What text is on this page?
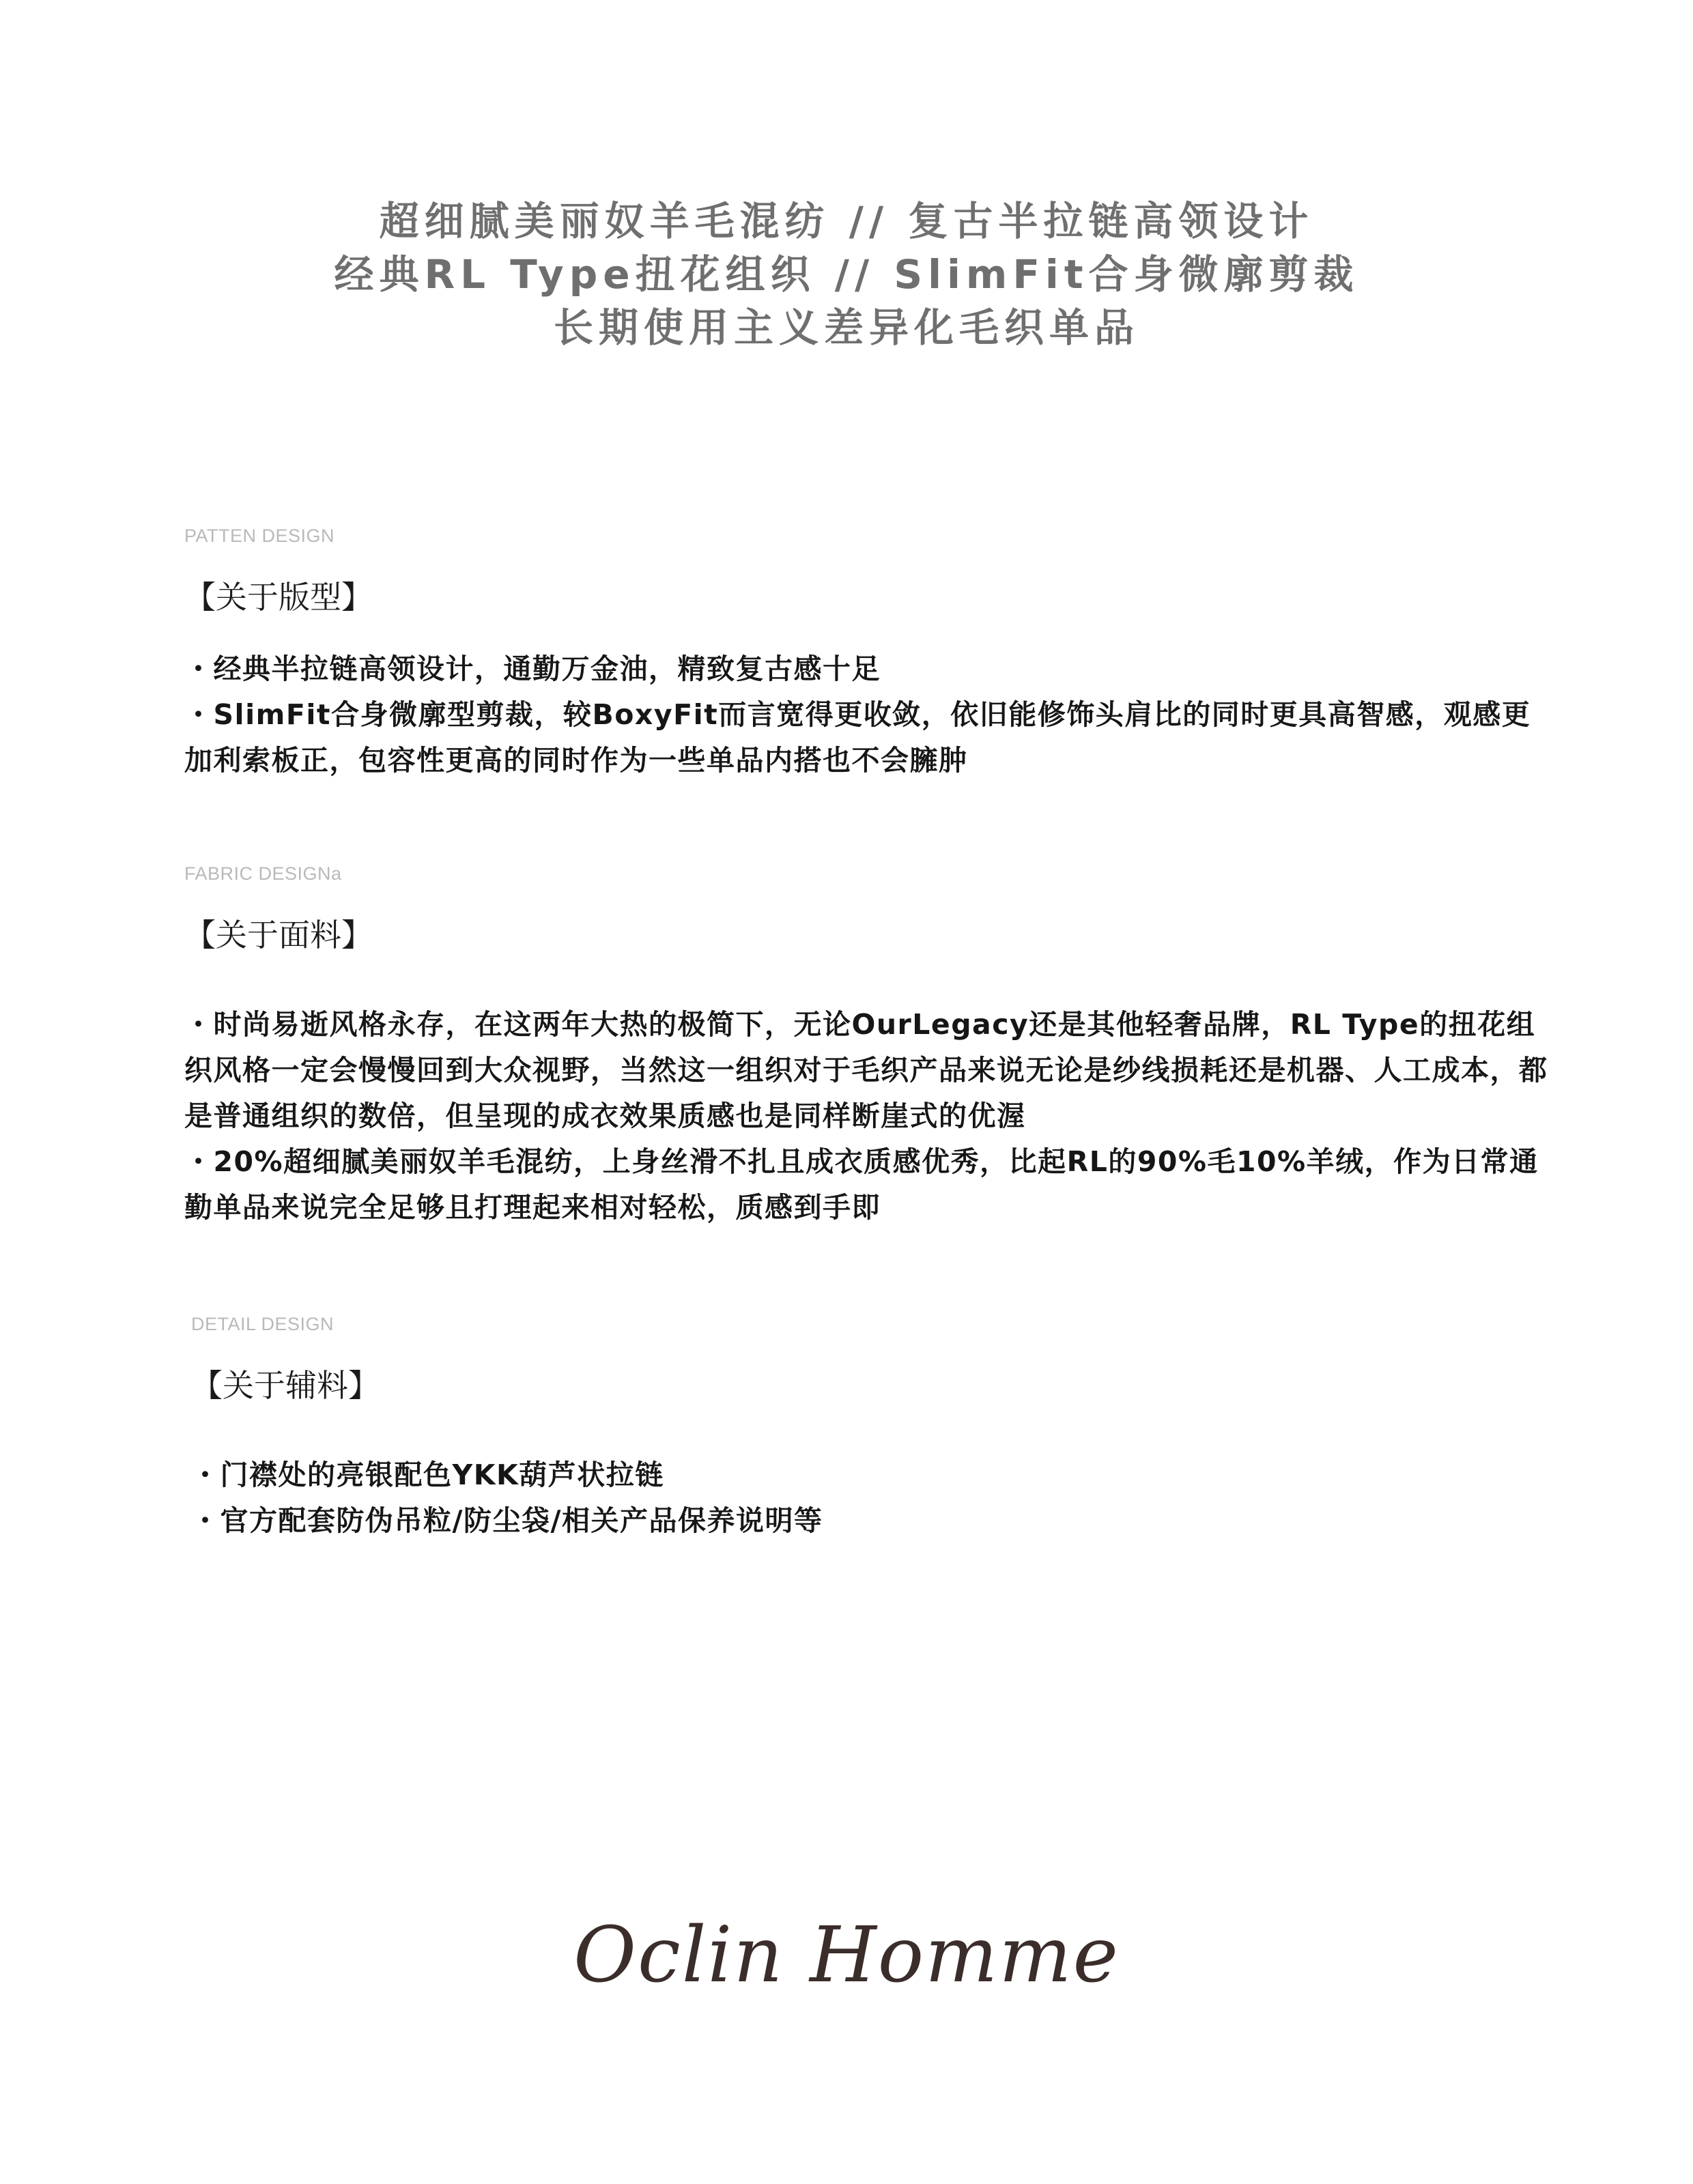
超细腻美丽奴羊毛混纺 // 复古半拉链高领设计
经典RL Type扭花组织 // SlimFit合身微廓剪裁
长期使用主义差异化毛织单品
PATTEN DESIGN
【关于版型】

・经典半拉链高领设计，通勤万金油，精致复古感十足

・SlimFit合身微廓型剪裁，较BoxyFit而言宽得更收敛，依旧能修饰头肩比的同时更具高智感，观感更加利索板正，包容性更高的同时作为一些单品内搭也不会臃肿

FABRIC DESIGNa
【关于面料】

・时尚易逝风格永存，在这两年大热的极简下，无论OurLegacy还是其他轻奢品牌，RL Type的扭花组织风格一定会慢慢回到大众视野，当然这一组织对于毛织产品来说无论是纱线损耗还是机器、人工成本，都是普通组织的数倍，但呈现的成衣效果质感也是同样断崖式的优渥

・20%超细腻美丽奴羊毛混纺，上身丝滑不扎且成衣质感优秀，比起RL的90%毛10%羊绒，作为日常通勤单品来说完全足够且打理起来相对轻松，质感到手即

DETAIL DESIGN
【关于辅料】

・门襟处的亮银配色YKK葫芦状拉链

・官方配套防伪吊粒/防尘袋/相关产品保养说明等

Oclin Homme
